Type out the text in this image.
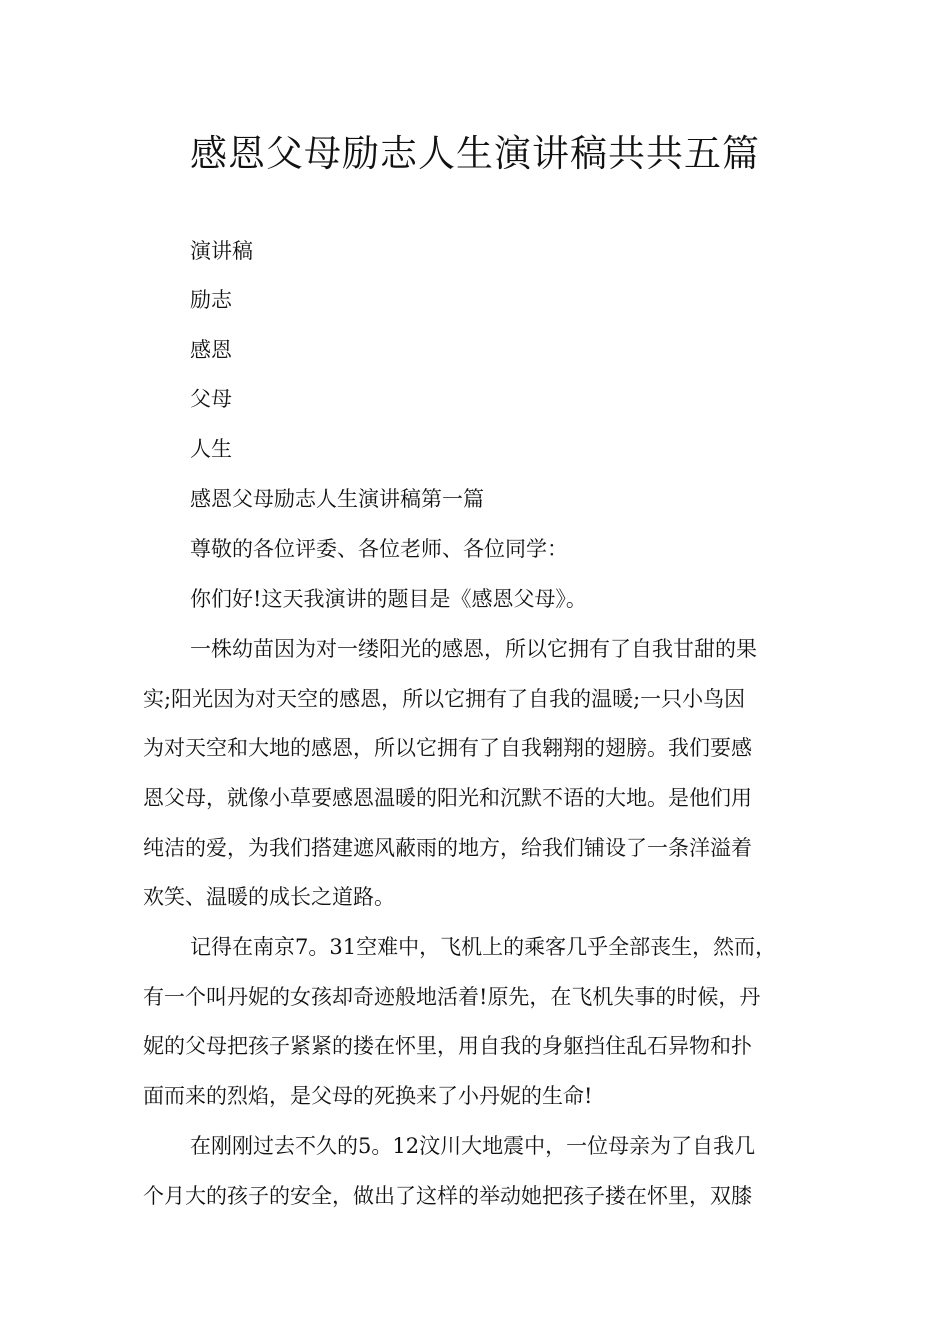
感恩父母励志人生演讲稿共共五篇

演讲稿

励志

感恩

父母

人生

感恩父母励志人生演讲稿第一篇

尊敬的各位评委、各位老师、各位同学：

你们好!这天我演讲的题目是《感恩父母》。

一株幼苗因为对一缕阳光的感恩，所以它拥有了自我甘甜的果

实;阳光因为对天空的感恩，所以它拥有了自我的温暖;一只小鸟因

为对天空和大地的感恩，所以它拥有了自我翱翔的翅膀。我们要感

恩父母，就像小草要感恩温暖的阳光和沉默不语的大地。是他们用

纯洁的爱，为我们搭建遮风蔽雨的地方，给我们铺设了一条洋溢着

欢笑、温暖的成长之道路。

记得在南京7。31空难中，飞机上的乘客几乎全部丧生，然而，

有一个叫丹妮的女孩却奇迹般地活着!原先，在飞机失事的时候，丹

妮的父母把孩子紧紧的搂在怀里，用自我的身躯挡住乱石异物和扑

面而来的烈焰，是父母的死换来了小丹妮的生命!

在刚刚过去不久的5。12汶川大地震中，一位母亲为了自我几

个月大的孩子的安全，做出了这样的举动她把孩子搂在怀里，双膝
